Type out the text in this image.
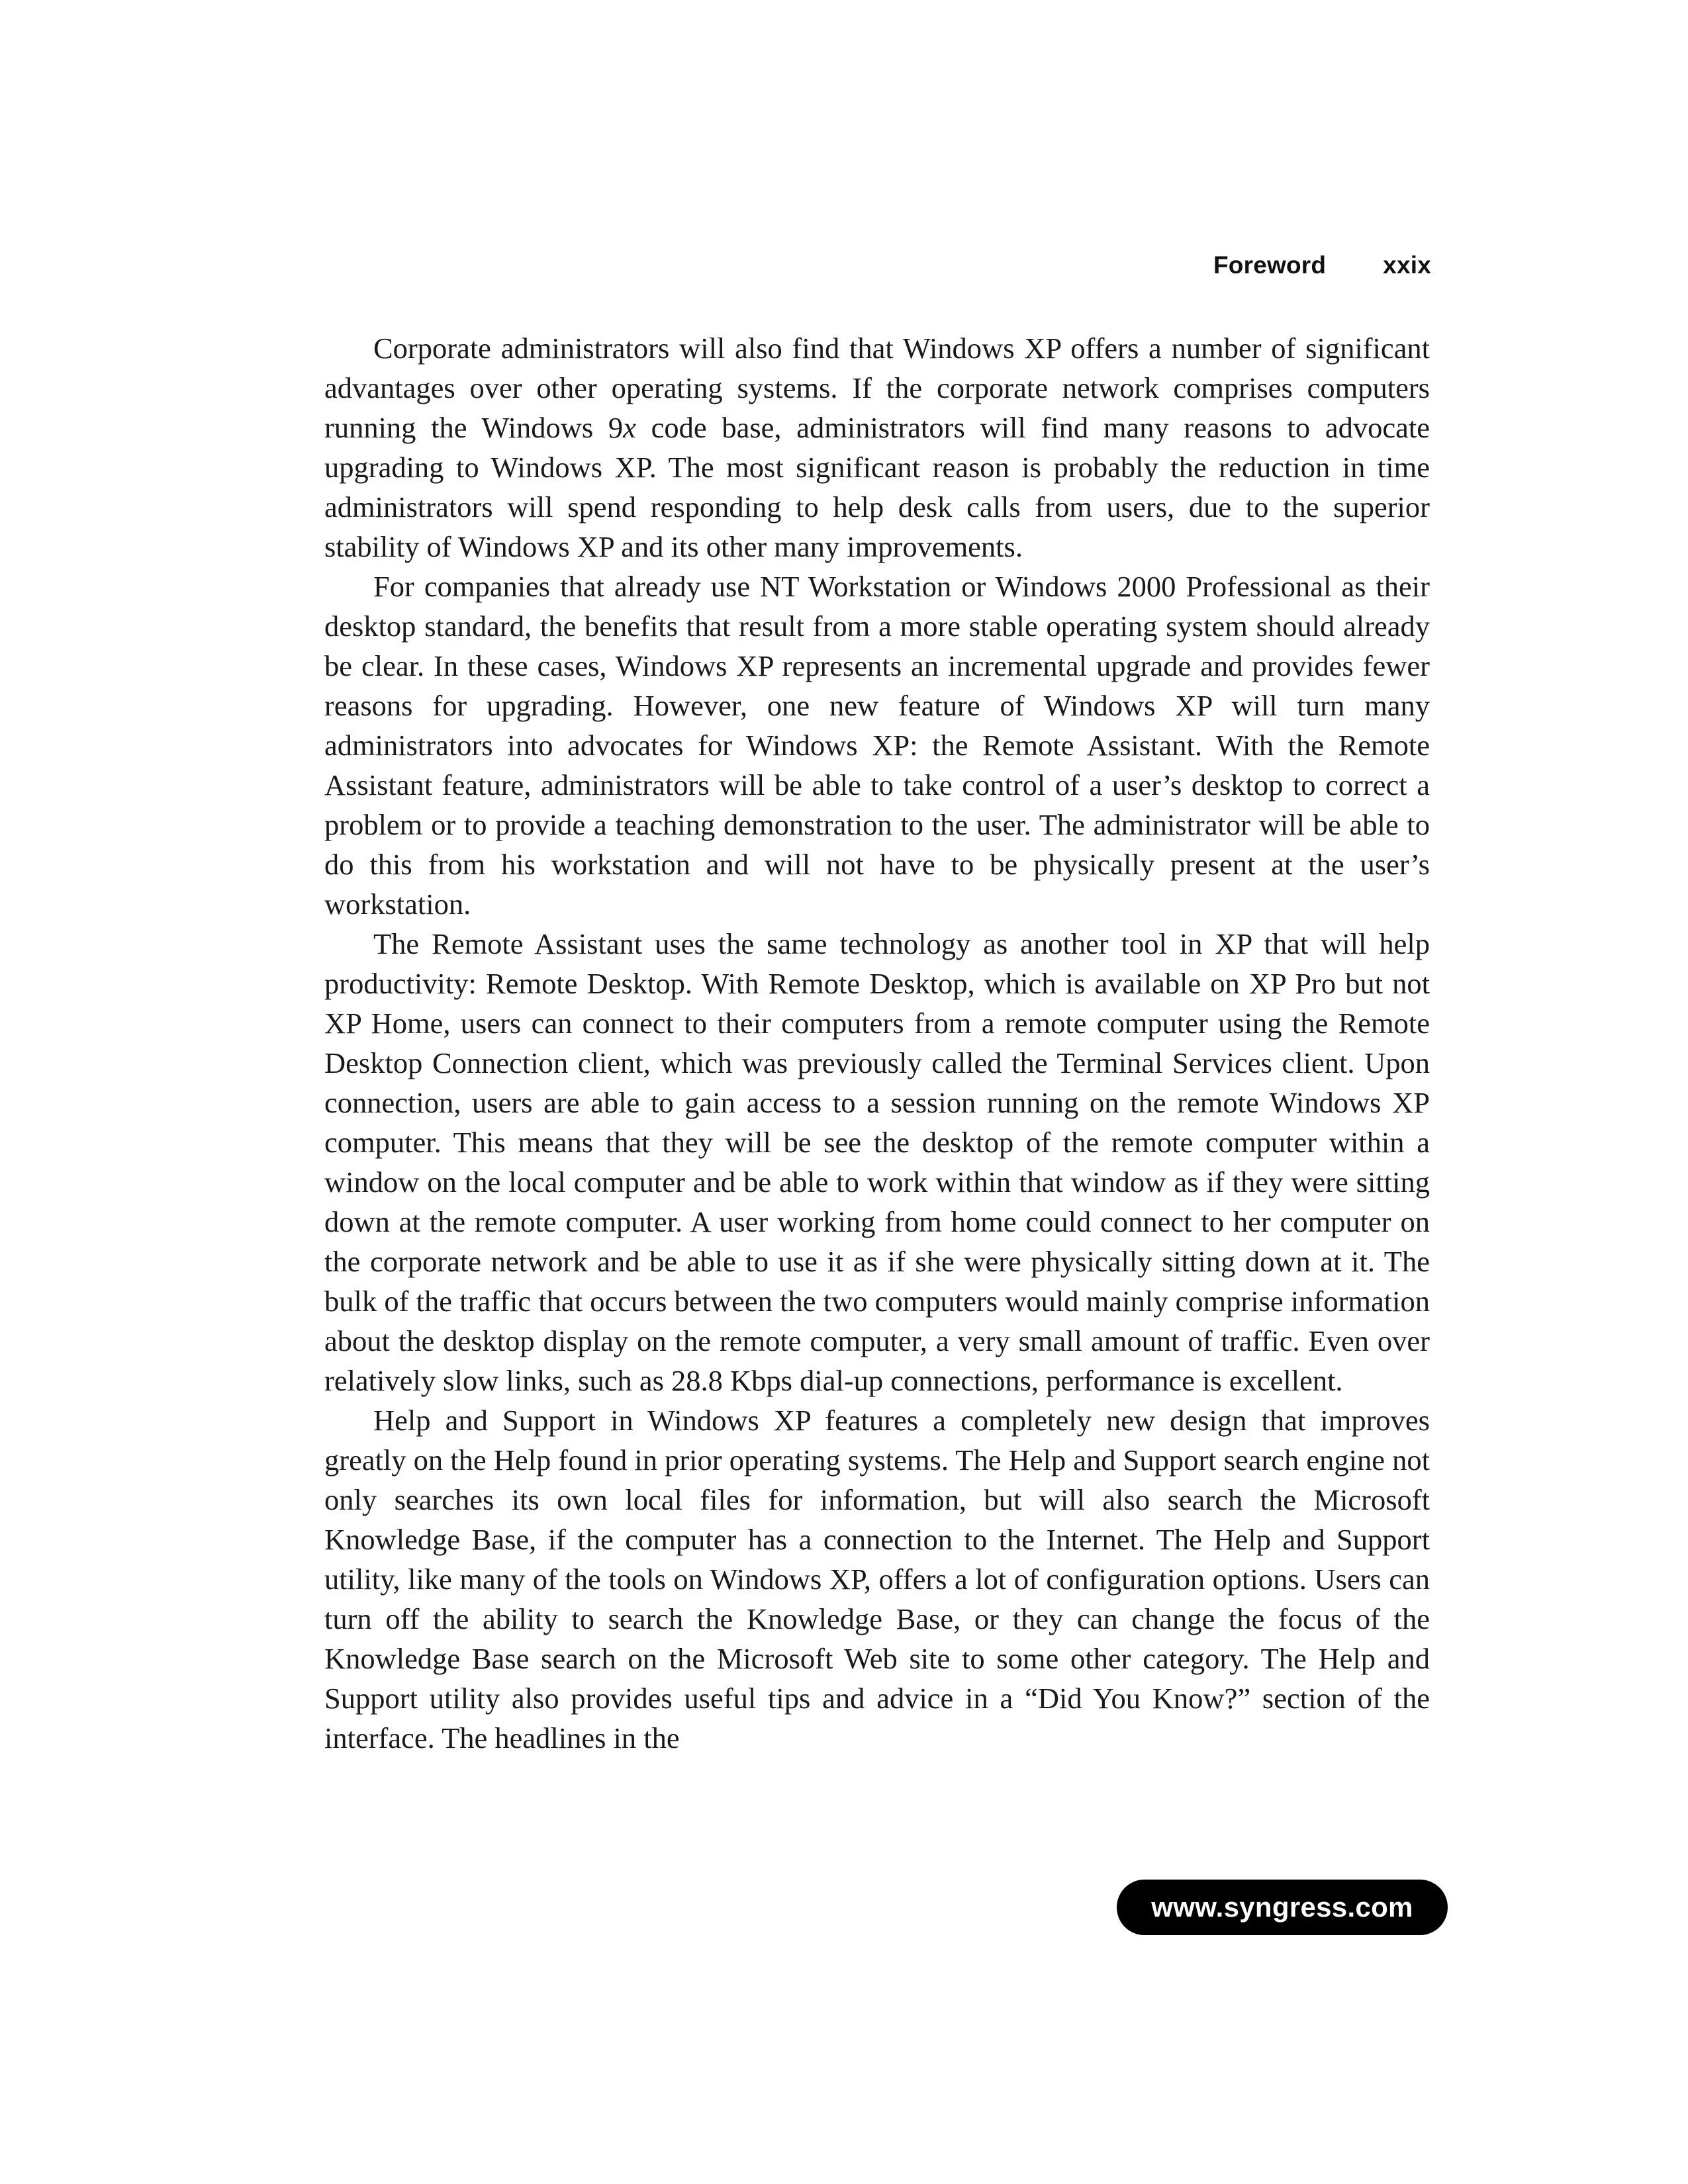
Foreword xxix

Corporate administrators will also find that Windows XP offers a number of significant advantages over other operating systems. If the corporate network comprises computers running the Windows 9x code base, administrators will find many reasons to advocate upgrading to Windows XP. The most significant reason is probably the reduction in time administrators will spend responding to help desk calls from users, due to the superior stability of Windows XP and its other many improvements.

For companies that already use NT Workstation or Windows 2000 Professional as their desktop standard, the benefits that result from a more stable operating system should already be clear. In these cases, Windows XP represents an incremental upgrade and provides fewer reasons for upgrading. However, one new feature of Windows XP will turn many administrators into advocates for Windows XP: the Remote Assistant. With the Remote Assistant feature, administrators will be able to take control of a user’s desktop to correct a problem or to provide a teaching demonstration to the user. The administrator will be able to do this from his workstation and will not have to be physically present at the user’s workstation.

The Remote Assistant uses the same technology as another tool in XP that will help productivity: Remote Desktop. With Remote Desktop, which is available on XP Pro but not XP Home, users can connect to their computers from a remote computer using the Remote Desktop Connection client, which was previously called the Terminal Services client. Upon connection, users are able to gain access to a session running on the remote Windows XP computer. This means that they will be see the desktop of the remote computer within a window on the local computer and be able to work within that window as if they were sitting down at the remote computer. A user working from home could connect to her computer on the corporate network and be able to use it as if she were physically sitting down at it. The bulk of the traffic that occurs between the two computers would mainly comprise information about the desktop display on the remote computer, a very small amount of traffic. Even over relatively slow links, such as 28.8 Kbps dial-up connections, performance is excellent.

Help and Support in Windows XP features a completely new design that improves greatly on the Help found in prior operating systems. The Help and Support search engine not only searches its own local files for information, but will also search the Microsoft Knowledge Base, if the computer has a connection to the Internet. The Help and Support utility, like many of the tools on Windows XP, offers a lot of configuration options. Users can turn off the ability to search the Knowledge Base, or they can change the focus of the Knowledge Base search on the Microsoft Web site to some other category. The Help and Support utility also provides useful tips and advice in a “Did You Know?” section of the interface. The headlines in the

www.syngress.com
